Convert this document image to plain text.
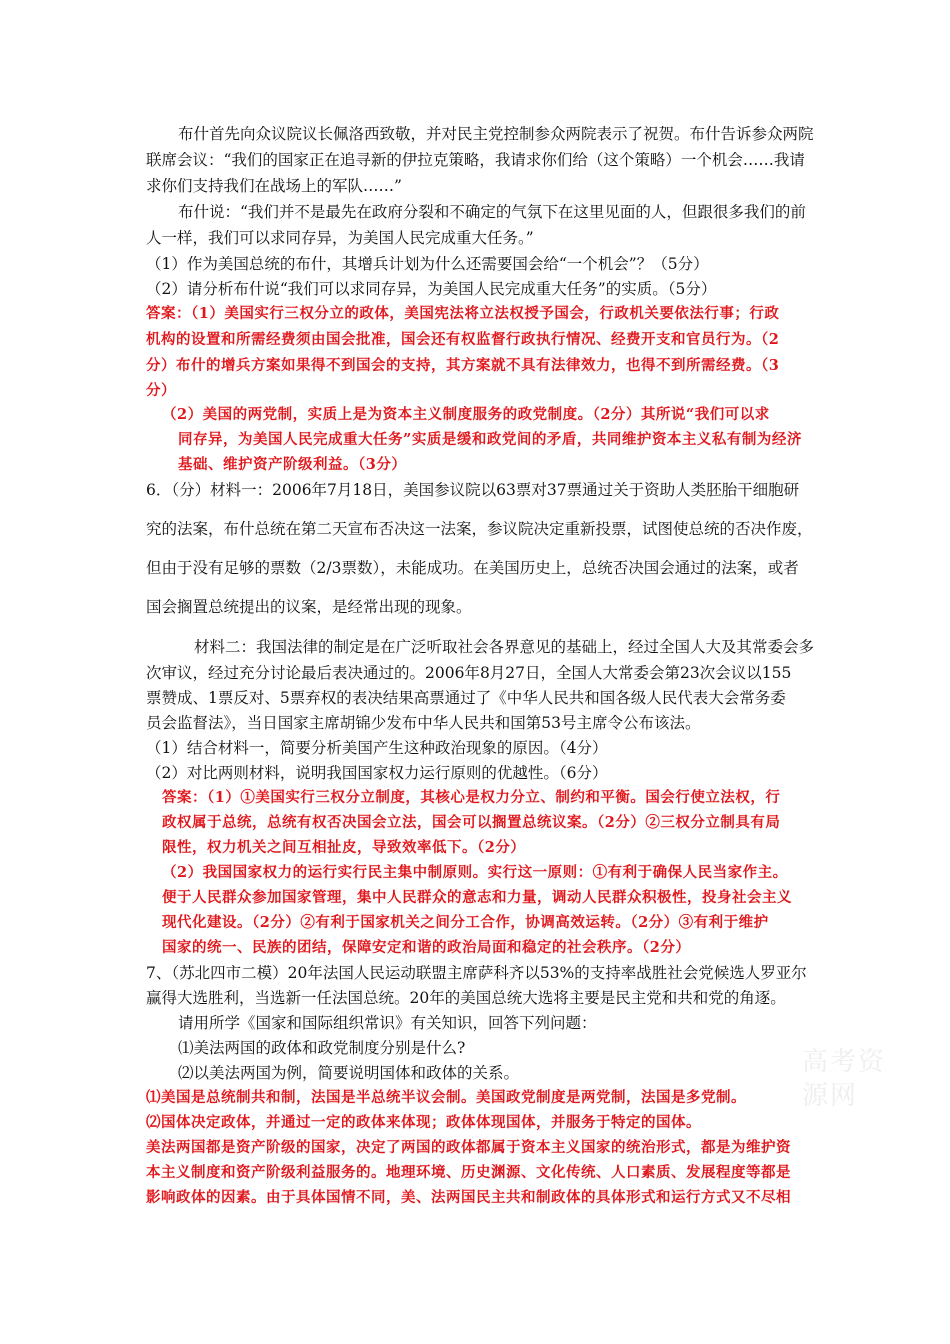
布什首先向众议院议长佩洛西致敬，并对民主党控制参众两院表示了祝贺。布什告诉参众两院
联席会议：“我们的国家正在追寻新的伊拉克策略，我请求你们给（这个策略）一个机会……我请
求你们支持我们在战场上的军队……”
布什说：“我们并不是最先在政府分裂和不确定的气氛下在这里见面的人，但跟很多我们的前
人一样，我们可以求同存异，为美国人民完成重大任务。”
（1）作为美国总统的布什，其增兵计划为什么还需要国会给“一个机会”？（5分）
（2）请分析布什说“我们可以求同存异，为美国人民完成重大任务”的实质。（5分）
答案：（1）美国实行三权分立的政体，美国宪法将立法权授予国会，行政机关要依法行事；行政
机构的设置和所需经费须由国会批准，国会还有权监督行政执行情况、经费开支和官员行为。（2
分）布什的增兵方案如果得不到国会的支持，其方案就不具有法律效力，也得不到所需经费。（3
分）
（2）美国的两党制，实质上是为资本主义制度服务的政党制度。（2分）其所说“我们可以求
同存异，为美国人民完成重大任务”实质是缓和政党间的矛盾，共同维护资本主义私有制为经济
基础、维护资产阶级利益。（3分）
6．（分）材料一：2006年7月18日，美国参议院以63票对37票通过关于资助人类胚胎干细胞研
究的法案，布什总统在第二天宣布否决这一法案，参议院决定重新投票，试图使总统的否决作废，
但由于没有足够的票数（2/3票数），未能成功。在美国历史上，总统否决国会通过的法案，或者
国会搁置总统提出的议案，是经常出现的现象。
材料二：我国法律的制定是在广泛听取社会各界意见的基础上，经过全国人大及其常委会多
次审议，经过充分讨论最后表决通过的。2006年8月27日，全国人大常委会第23次会议以155
票赞成、1票反对、5票弃权的表决结果高票通过了《中华人民共和国各级人民代表大会常务委
员会监督法》，当日国家主席胡锦少发布中华人民共和国第53号主席令公布该法。
（1）结合材料一，简要分析美国产生这种政治现象的原因。（4分）
（2）对比两则材料，说明我国国家权力运行原则的优越性。（6分）
答案：（1）①美国实行三权分立制度，其核心是权力分立、制约和平衡。国会行使立法权，行
政权属于总统，总统有权否决国会立法，国会可以搁置总统议案。（2分）②三权分立制具有局
限性，权力机关之间互相扯皮，导致效率低下。（2分）
（2）我国国家权力的运行实行民主集中制原则。实行这一原则：①有利于确保人民当家作主。
便于人民群众参加国家管理，集中人民群众的意志和力量，调动人民群众积极性，投身社会主义
现代化建设。（2分）②有利于国家机关之间分工合作，协调高效运转。（2分）③有利于维护
国家的统一、民族的团结，保障安定和谐的政治局面和稳定的社会秩序。（2分）
7、（苏北四市二模）20年法国人民运动联盟主席萨科齐以53%的支持率战胜社会党候选人罗亚尔
赢得大选胜利，当选新一任法国总统。20年的美国总统大选将主要是民主党和共和党的角逐。
请用所学《国家和国际组织常识》有关知识，回答下列问题：
⑴美法两国的政体和政党制度分别是什么?
⑵以美法两国为例，简要说明国体和政体的关系。
⑴美国是总统制共和制，法国是半总统半议会制。美国政党制度是两党制，法国是多党制。
⑵国体决定政体，并通过一定的政体来体现；政体体现国体，并服务于特定的国体。
美法两国都是资产阶级的国家，决定了两国的政体都属于资本主义国家的统治形式，都是为维护资
本主义制度和资产阶级利益服务的。地理环境、历史渊源、文化传统、人口素质、发展程度等都是
影响政体的因素。由于具体国情不同，美、法两国民主共和制政体的具体形式和运行方式又不尽相
高考资源网
